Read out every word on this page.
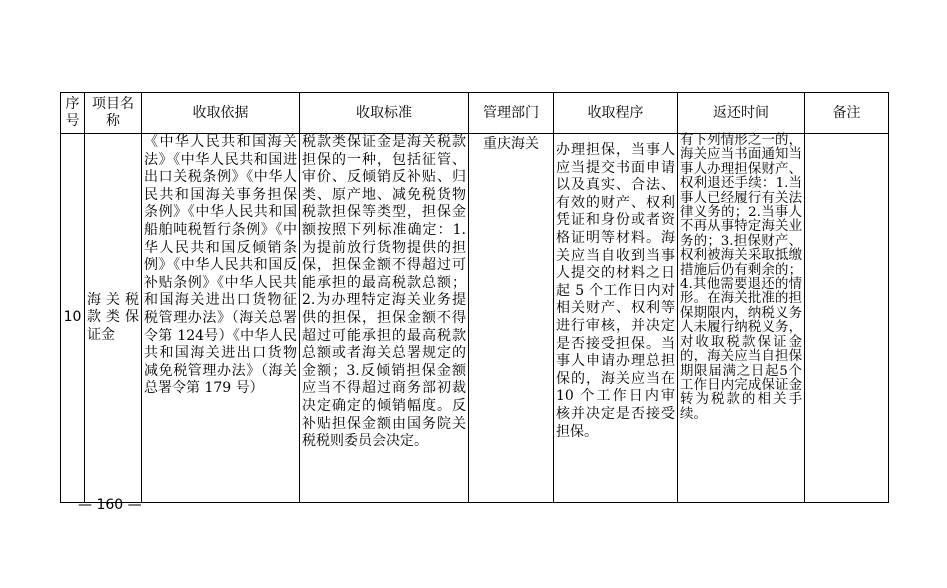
序号	项目名称	收取依据	收取标准	管理部门	收取程序	返还时间	备注
10	海关税款类保证金	《中华人民共和国海关法》《中华人民共和国进出口关税条例》《中华人民共和国海关事务担保条例》《中华人民共和国船舶吨税暂行条例》《中华人民共和国反倾销条例》《中华人民共和国反补贴条例》《中华人民共和国海关进出口货物征税管理办法》（海关总署令第 124号）《中华人民共和国海关进出口货物减免税管理办法》（海关总署令第 179 号）	税款类保证金是海关税款担保的一种，包括征管、审价、反倾销反补贴、归类、原产地、减免税货物税款担保等类型，担保金额按照下列标准确定：1.为提前放行货物提供的担保，担保金额不得超过可能承担的最高税款总额；2.为办理特定海关业务提供的担保，担保金额不得超过可能承担的最高税款总额或者海关总署规定的金额；3.反倾销担保金额应当不得超过商务部初裁决定确定的倾销幅度。反补贴担保金额由国务院关税税则委员会决定。	重庆海关	办理担保，当事人应当提交书面申请以及真实、合法、有效的财产、权利凭证和身份或者资格证明等材料。海关应当自收到当事人提交的材料之日起 5 个工作日内对相关财产、权利等进行审核，并决定是否接受担保。当事人申请办理总担保的，海关应当在 10 个工作日内审核并决定是否接受担保。	有下列情形之一的，海关应当书面通知当事人办理担保财产、权利退还手续：1.当事人已经履行有关法律义务的；2.当事人不再从事特定海关业务的；3.担保财产、权利被海关采取抵缴措施后仍有剩余的；4.其他需要退还的情形。在海关批准的担保期限内，纳税义务人未履行纳税义务，对收取税款保证金的，海关应当自担保期限届满之日起5个工作日内完成保证金转为税款的相关手续。	

— 160 —
